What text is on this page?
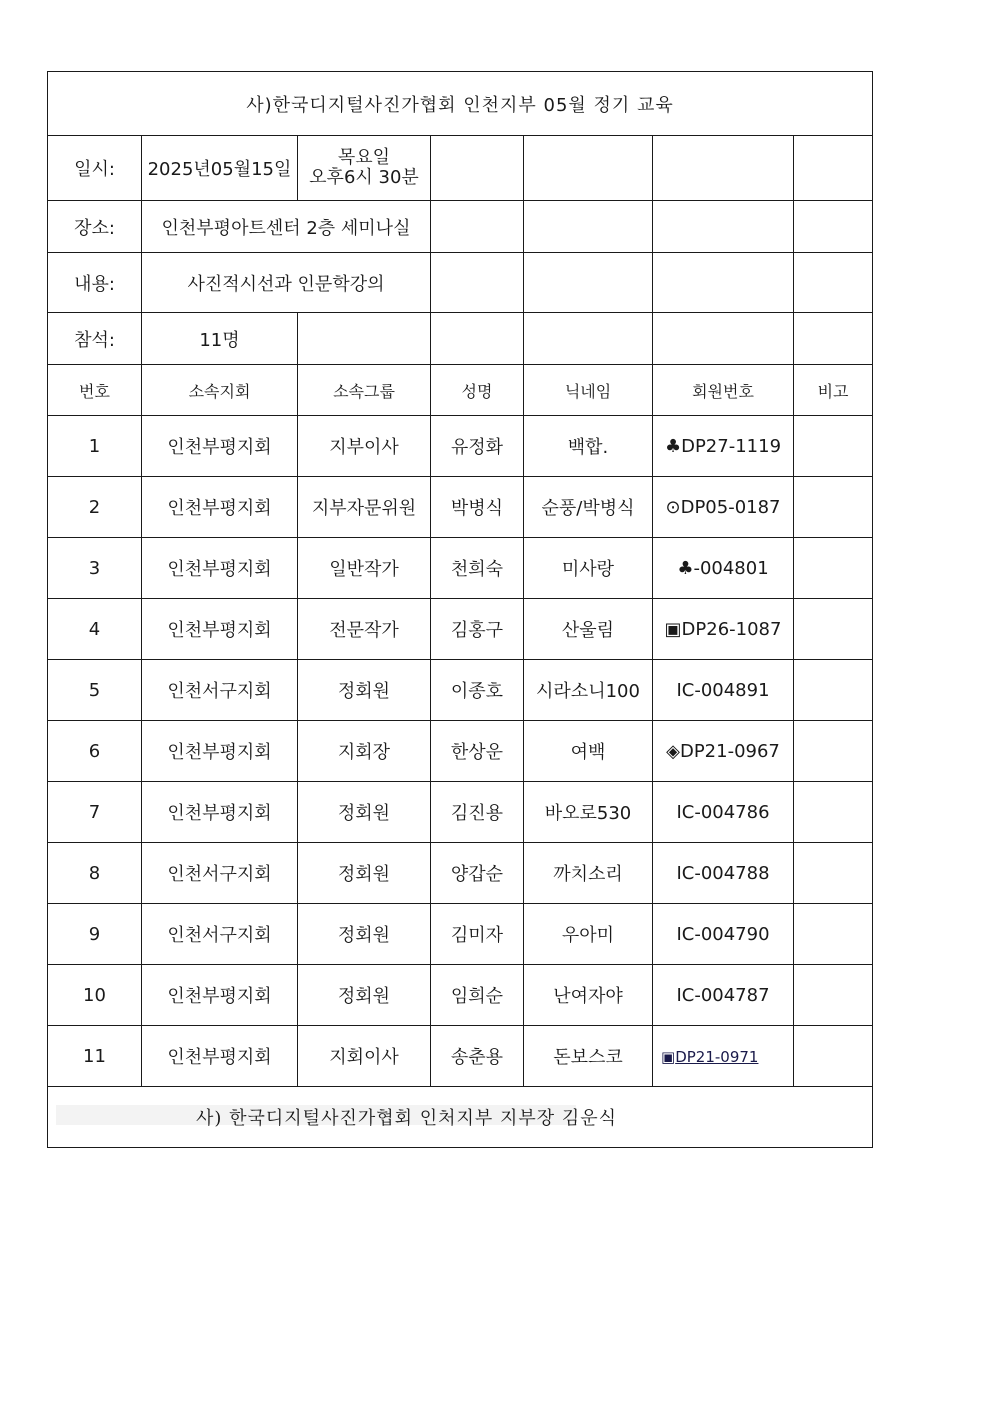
사)한국디지털사진가협회 인천지부 05월 정기 교육						
일시:	2025년05월15일	목요일
오후6시 30분				

장소:	인천부평아트센터 2층 세미나실					
내용:	사진적시선과 인문학강의					
참석:	11명					
번호	소속지회	소속그룹	성명	닉네임	회원번호	비고
1	인천부평지회	지부이사	유정화	백합.	♣DP27-1119	
2	인천부평지회	지부자문위원	박병식	순풍/박병식	⊙DP05-0187	
3	인천부평지회	일반작가	천희숙	미사랑	♣-004801	
4	인천부평지회	전문작가	김홍구	산울림	▣DP26-1087	
5	인천서구지회	정회원	이종호	시라소니100	IC-004891	
6	인천부평지회	지회장	한상운	여백	◈DP21-0967	
7	인천부평지회	정회원	김진용	바오로530	IC-004786	
8	인천서구지회	정회원	양갑순	까치소리	IC-004788	
9	인천서구지회	정회원	김미자	우아미	IC-004790	
10	인천부평지회	정회원	임희순	난여자야	IC-004787	
11	인천부평지회	지회이사	송춘용	돈보스코	▣DP21-0971	

사) 한국디지털사진가협회 인처지부 지부장 김운식						
